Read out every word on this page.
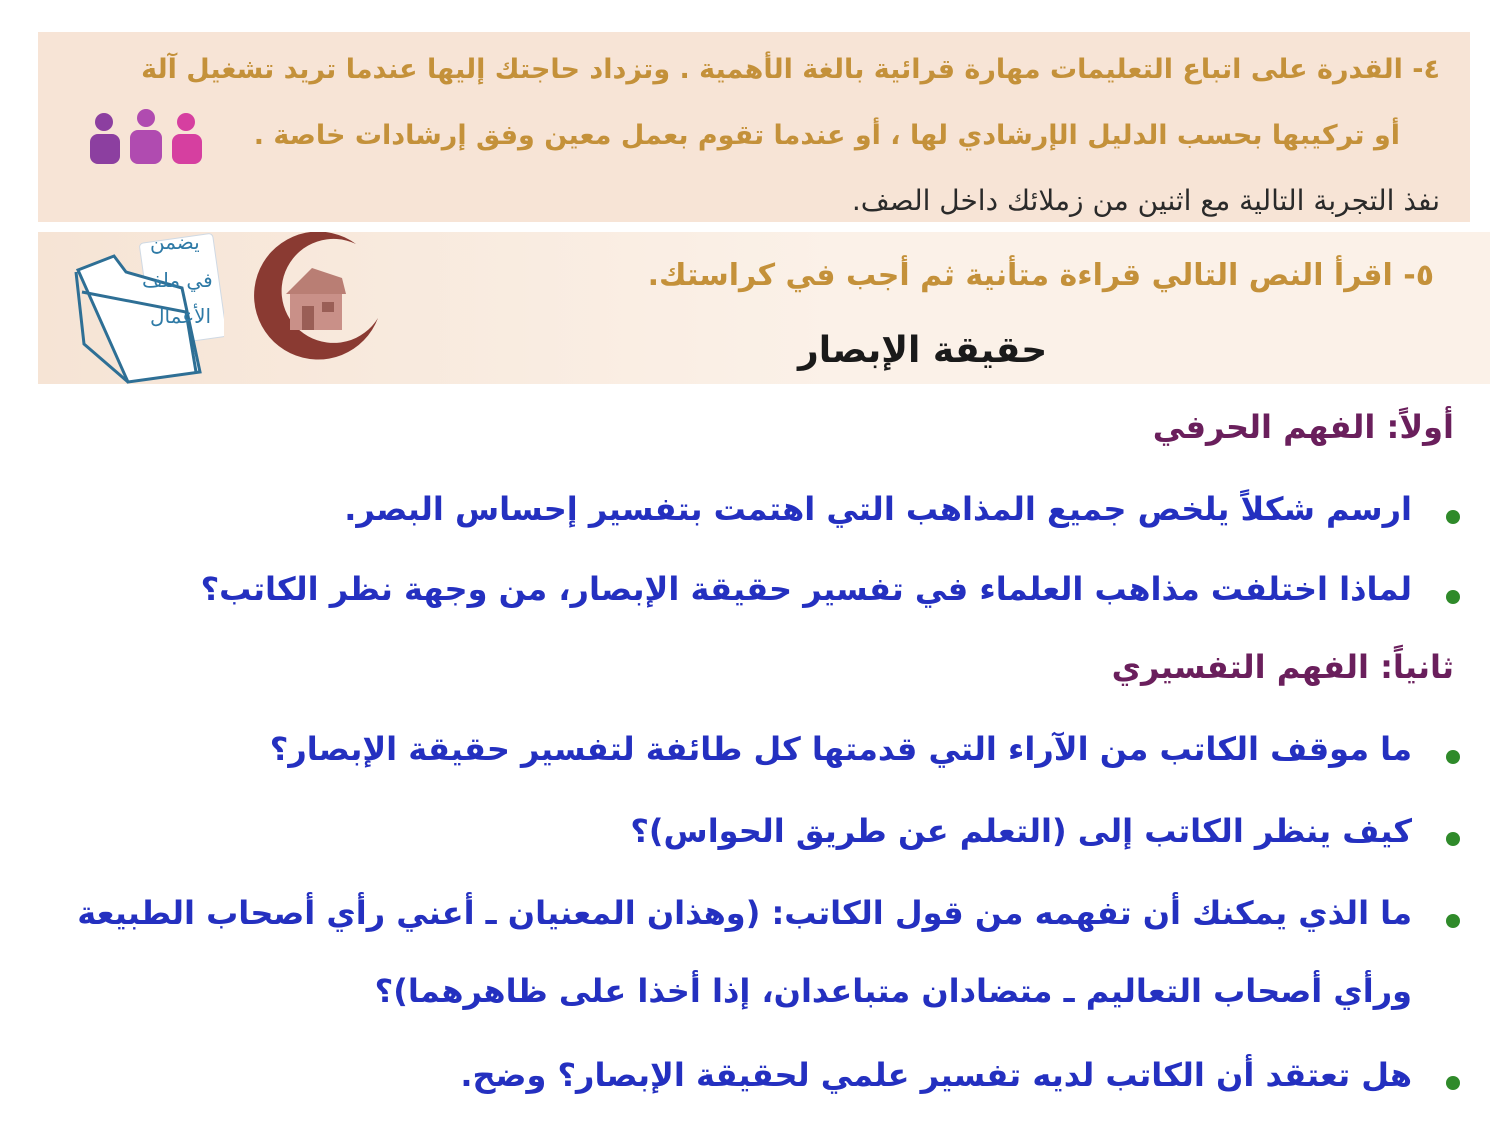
٤- القدرة على اتباع التعليمات مهارة قرائية بالغة الأهمية . وتزداد حاجتك إليها عندما تريد تشغيل آلة
أو تركيبها بحسب الدليل الإرشادي لها ، أو عندما تقوم بعمل معين وفق إرشادات خاصة .
نفذ التجربة التالية مع اثنين من زملائك داخل الصف.
٥- اقرأ النص التالي قراءة متأنية ثم أجب في كراستك.
حقيقة الإبصار
يضمن
في ملف
الأعمال
أولاً: الفهم الحرفي
ارسم شكلاً يلخص جميع المذاهب التي اهتمت بتفسير إحساس البصر.
لماذا اختلفت مذاهب العلماء في تفسير حقيقة الإبصار، من وجهة نظر الكاتب؟
ثانياً: الفهم التفسيري
ما موقف الكاتب من الآراء التي قدمتها كل طائفة لتفسير حقيقة الإبصار؟
كيف ينظر الكاتب إلى (التعلم عن طريق الحواس)؟
ما الذي يمكنك أن تفهمه من قول الكاتب: (وهذان المعنيان ـ أعني رأي أصحاب الطبيعة
ورأي أصحاب التعاليم ـ متضادان متباعدان، إذا أخذا على ظاهرهما)؟
هل تعتقد أن الكاتب لديه تفسير علمي لحقيقة الإبصار؟ وضح.
